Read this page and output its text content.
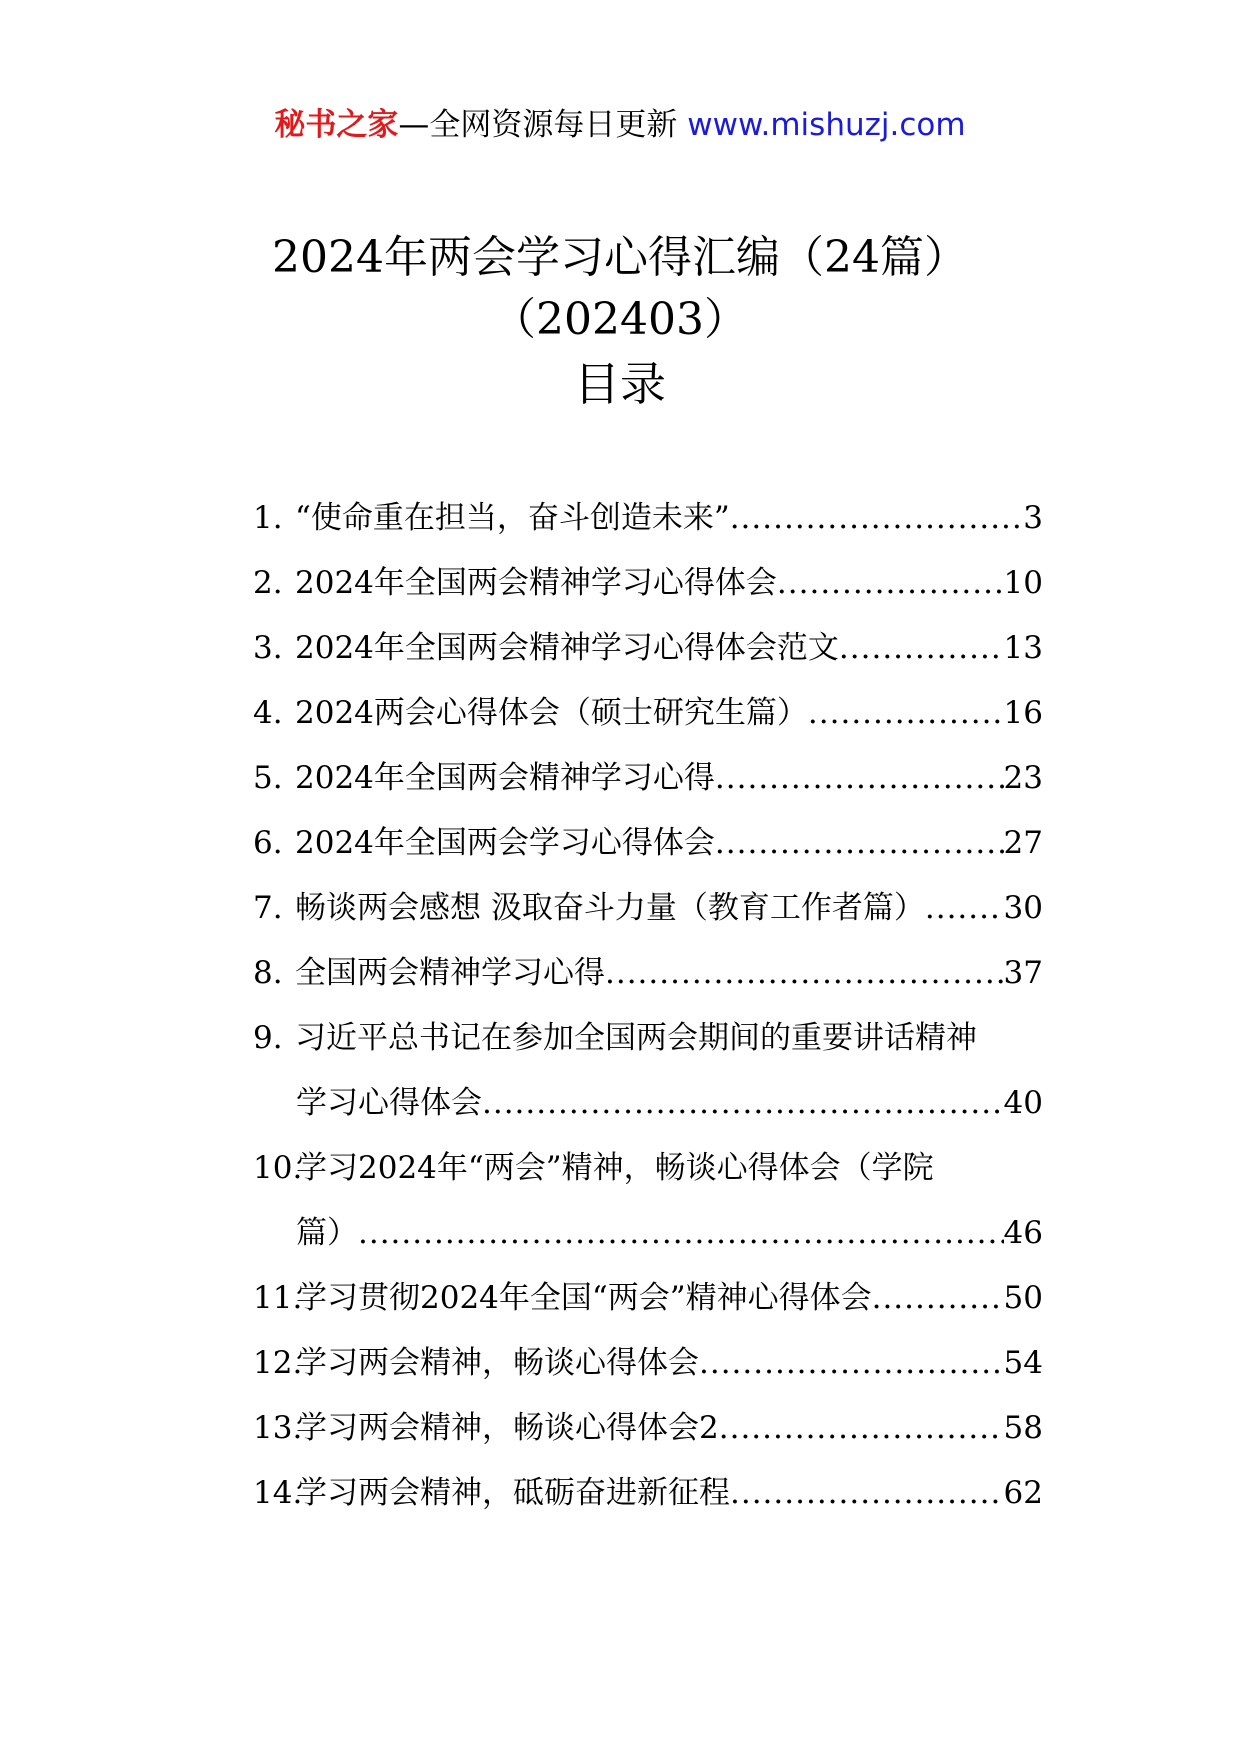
秘书之家—全网资源每日更新 www.mishuzj.com
2024年两会学习心得汇编（24篇）
（202403）
目录
1. “使命重在担当，奋斗创造未来” .....	3
2. 2024年全国两会精神学习心得体会 .....	10
3. 2024年全国两会精神学习心得体会范文 .....	13
4. 2024两会心得体会（硕士研究生篇） .....	16
5. 2024年全国两会精神学习心得 .....	23
6. 2024年全国两会学习心得体会 .....	27
7. 畅谈两会感想 汲取奋斗力量（教育工作者篇） .....	30
8. 全国两会精神学习心得 .....	37
9. 习近平总书记在参加全国两会期间的重要讲话精神
学习心得体会 .....	40
10.
学习2024年“两会”精神，畅谈心得体会（学院
篇） .....	46
11.
学习贯彻2024年全国“两会”精神心得体会 .....	50
12.
学习两会精神，畅谈心得体会 .....	54
13.
学习两会精神，畅谈心得体会2 .....	58
14.
学习两会精神，砥砺奋进新征程 .....	62
